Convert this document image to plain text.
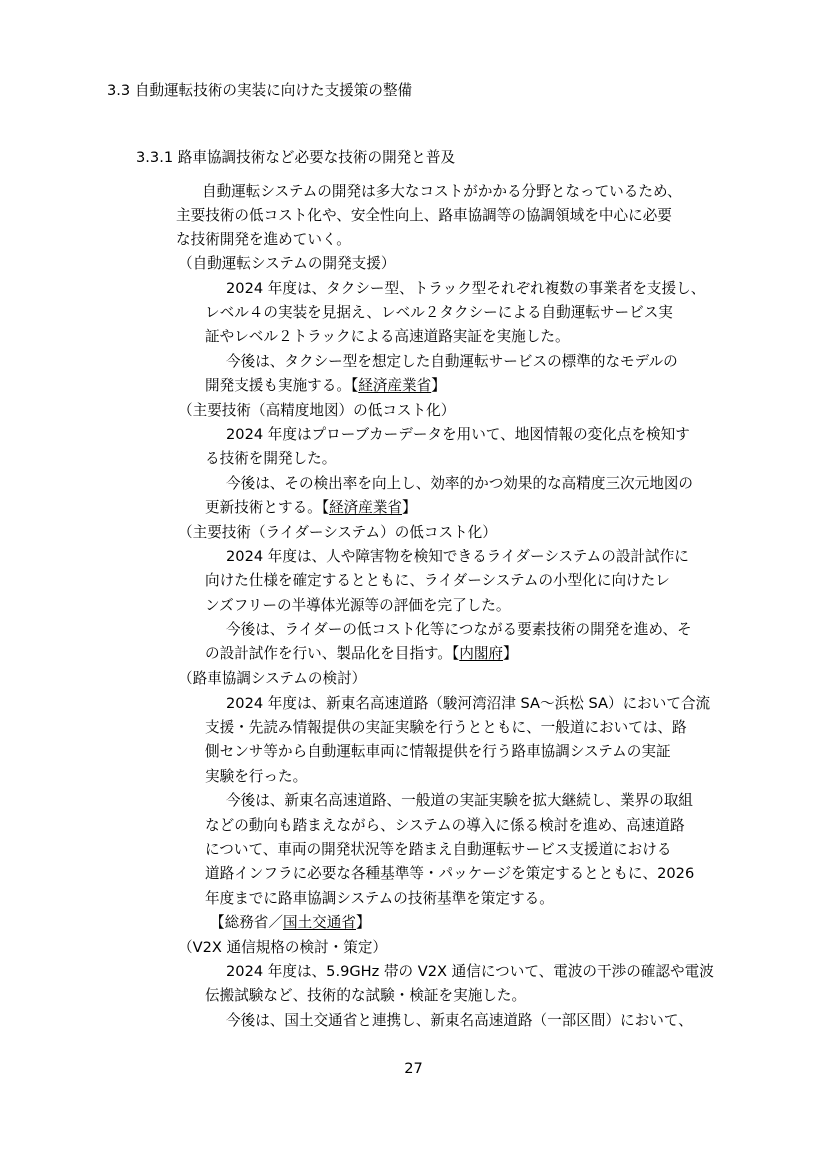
3.3 自動運転技術の実装に向けた支援策の整備
3.3.1 路車協調技術など必要な技術の開発と普及
自動運転システムの開発は多大なコストがかかる分野となっているため、
主要技術の低コスト化や、安全性向上、路車協調等の協調領域を中心に必要
な技術開発を進めていく。
（自動運転システムの開発支援）
2024 年度は、タクシー型、トラック型それぞれ複数の事業者を支援し、
レベル４の実装を見据え、レベル２タクシーによる自動運転サービス実
証やレベル２トラックによる高速道路実証を実施した。
今後は、タクシー型を想定した自動運転サービスの標準的なモデルの
開発支援も実施する。【経済産業省】
（主要技術（高精度地図）の低コスト化）
2024 年度はプローブカーデータを用いて、地図情報の変化点を検知す
る技術を開発した。
今後は、その検出率を向上し、効率的かつ効果的な高精度三次元地図の
更新技術とする。【経済産業省】
（主要技術（ライダーシステム）の低コスト化）
2024 年度は、人や障害物を検知できるライダーシステムの設計試作に
向けた仕様を確定するとともに、ライダーシステムの小型化に向けたレ
ンズフリーの半導体光源等の評価を完了した。
今後は、ライダーの低コスト化等につながる要素技術の開発を進め、そ
の設計試作を行い、製品化を目指す。【内閣府】
（路車協調システムの検討）
2024 年度は、新東名高速道路（駿河湾沼津 SA～浜松 SA）において合流
支援・先読み情報提供の実証実験を行うとともに、一般道においては、路
側センサ等から自動運転車両に情報提供を行う路車協調システムの実証
実験を行った。
今後は、新東名高速道路、一般道の実証実験を拡大継続し、業界の取組
などの動向も踏まえながら、システムの導入に係る検討を進め、高速道路
について、車両の開発状況等を踏まえ自動運転サービス支援道における
道路インフラに必要な各種基準等・パッケージを策定するとともに、2026
年度までに路車協調システムの技術基準を策定する。
【総務省／国土交通省】
（V2X 通信規格の検討・策定）
2024 年度は、5.9GHz 帯の V2X 通信について、電波の干渉の確認や電波
伝搬試験など、技術的な試験・検証を実施した。
今後は、国土交通省と連携し、新東名高速道路（一部区間）において、
27
